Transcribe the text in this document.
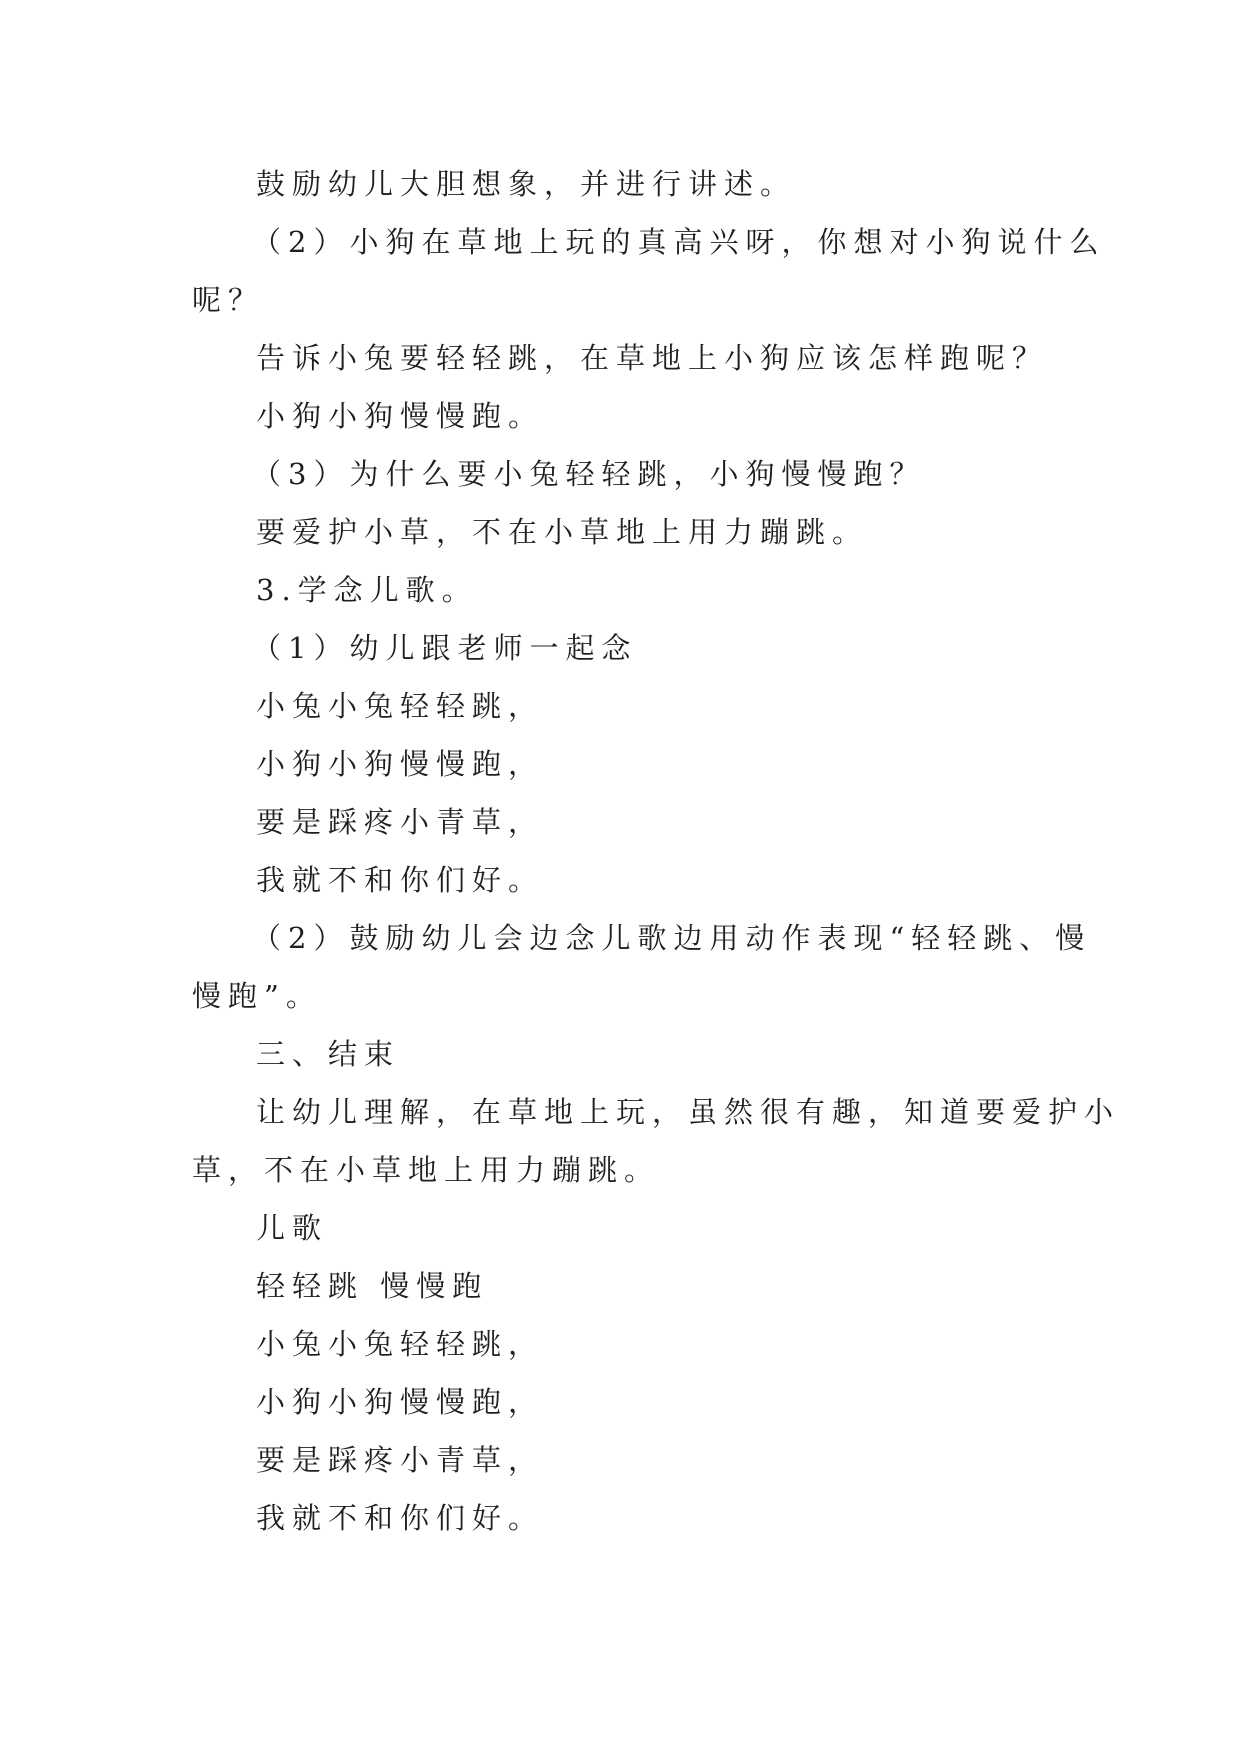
鼓励幼儿大胆想象，并进行讲述。
（2）小狗在草地上玩的真高兴呀，你想对小狗说什么
呢？
告诉小兔要轻轻跳，在草地上小狗应该怎样跑呢？
小狗小狗慢慢跑。
（3）为什么要小兔轻轻跳，小狗慢慢跑？
要爱护小草，不在小草地上用力蹦跳。
3.学念儿歌。
（1）幼儿跟老师一起念
小兔小兔轻轻跳，
小狗小狗慢慢跑，
要是踩疼小青草，
我就不和你们好。
（2）鼓励幼儿会边念儿歌边用动作表现“轻轻跳、慢
慢跑”。
三、结束
让幼儿理解，在草地上玩，虽然很有趣，知道要爱护小
草，不在小草地上用力蹦跳。
儿歌
轻轻跳 慢慢跑
小兔小兔轻轻跳，
小狗小狗慢慢跑，
要是踩疼小青草，
我就不和你们好。
